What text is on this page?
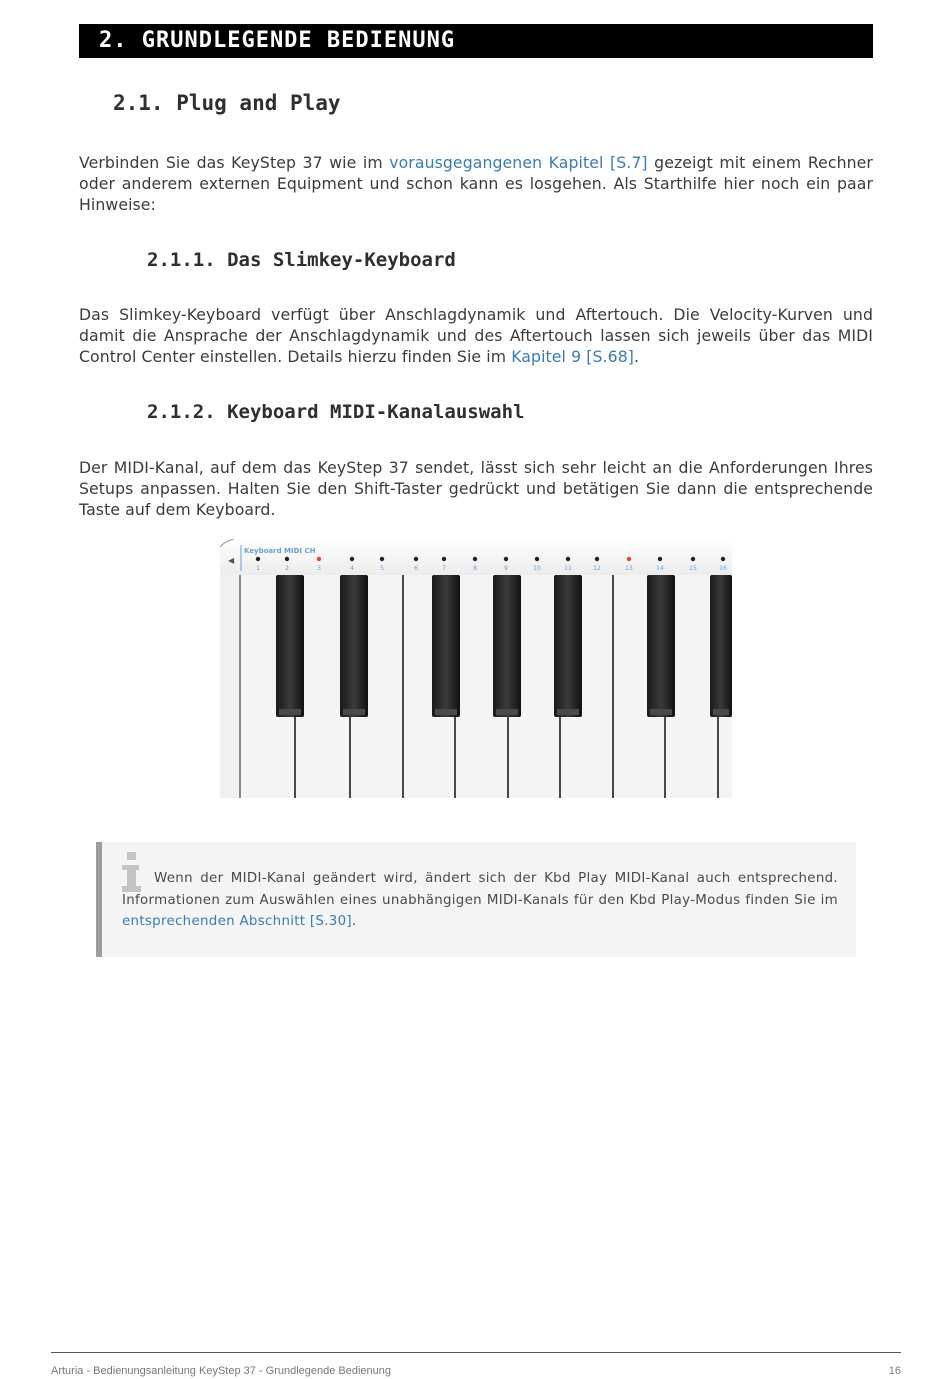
2. GRUNDLEGENDE BEDIENUNG
2.1. Plug and Play

Verbinden Sie das KeyStep 37 wie im vorausgegangenen Kapitel [S.7] gezeigt mit einem Rechner oder anderem externen Equipment und schon kann es losgehen. Als Starthilfe hier noch ein paar Hinweise:

2.1.1. Das Slimkey-Keyboard

Das Slimkey-Keyboard verfügt über Anschlagdynamik und Aftertouch. Die Velocity-Kurven und damit die Ansprache der Anschlagdynamik und des Aftertouch lassen sich jeweils über das MIDI Control Center einstellen. Details hierzu finden Sie im Kapitel 9 [S.68].

2.1.2. Keyboard MIDI-Kanalauswahl

Der MIDI-Kanal, auf dem das KeyStep 37 sendet, lässt sich sehr leicht an die Anforderungen Ihres Setups anpassen. Halten Sie den Shift-Taster gedrückt und betätigen Sie dann die entsprechende Taste auf dem Keyboard.

Keyboard MIDI CH
◀
1	2	3	4	5	6	7	8	9	10	11	12	13	14	15	16

Wenn der MIDI-Kanal geändert wird, ändert sich der Kbd Play MIDI-Kanal auch entsprechend. Informationen zum Auswählen eines unabhängigen MIDI-Kanals für den Kbd Play-Modus finden Sie im entsprechenden Abschnitt [S.30].

Arturia - Bedienungsanleitung KeyStep 37 - Grundlegende Bedienung	16
